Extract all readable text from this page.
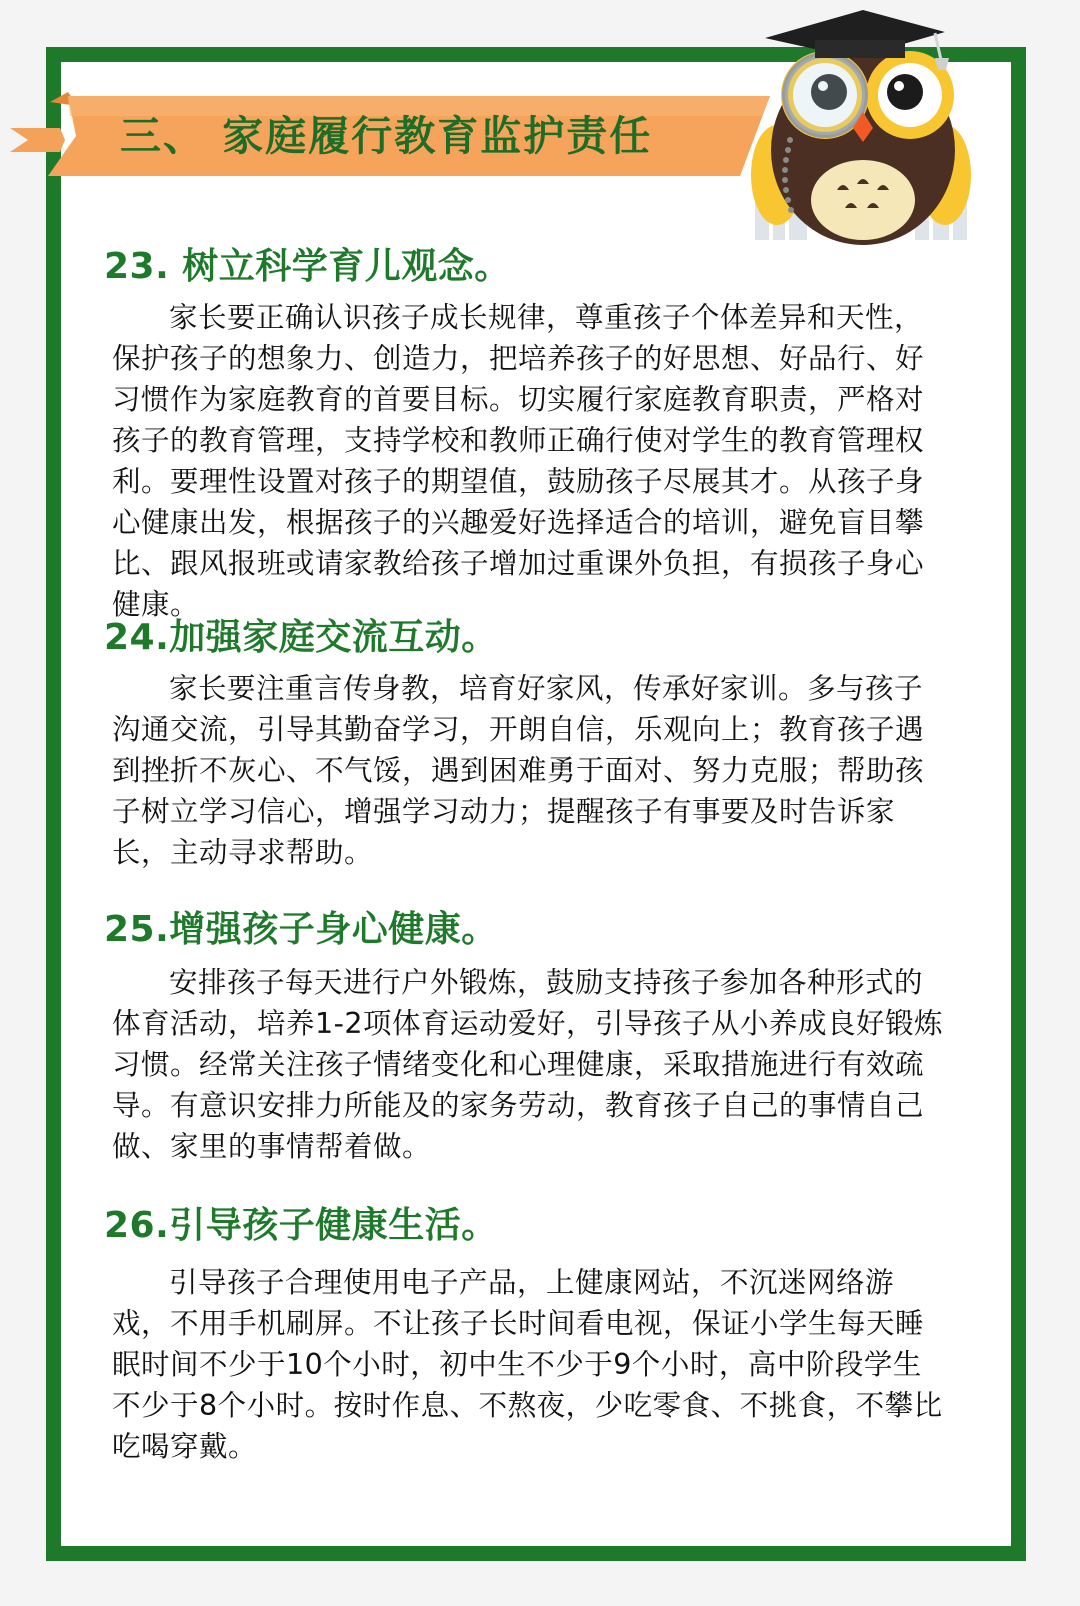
三、 家庭履行教育监护责任
23. 树立科学育儿观念。

家长要正确认识孩子成长规律，尊重孩子个体差异和天性，保护孩子的想象力、创造力，把培养孩子的好思想、好品行、好习惯作为家庭教育的首要目标。切实履行家庭教育职责，严格对孩子的教育管理，支持学校和教师正确行使对学生的教育管理权利。要理性设置对孩子的期望值，鼓励孩子尽展其才。从孩子身心健康出发，根据孩子的兴趣爱好选择适合的培训，避免盲目攀比、跟风报班或请家教给孩子增加过重课外负担，有损孩子身心健康。

24.加强家庭交流互动。

家长要注重言传身教，培育好家风，传承好家训。多与孩子沟通交流，引导其勤奋学习，开朗自信，乐观向上；教育孩子遇到挫折不灰心、不气馁，遇到困难勇于面对、努力克服；帮助孩子树立学习信心，增强学习动力；提醒孩子有事要及时告诉家长，主动寻求帮助。

25.增强孩子身心健康。

安排孩子每天进行户外锻炼，鼓励支持孩子参加各种形式的体育活动，培养1-2项体育运动爱好，引导孩子从小养成良好锻炼习惯。经常关注孩子情绪变化和心理健康，采取措施进行有效疏导。有意识安排力所能及的家务劳动，教育孩子自己的事情自己做、家里的事情帮着做。

26.引导孩子健康生活。

引导孩子合理使用电子产品，上健康网站，不沉迷网络游戏，不用手机刷屏。不让孩子长时间看电视，保证小学生每天睡眠时间不少于10个小时，初中生不少于9个小时，高中阶段学生不少于8个小时。按时作息、不熬夜，少吃零食、不挑食，不攀比吃喝穿戴。
